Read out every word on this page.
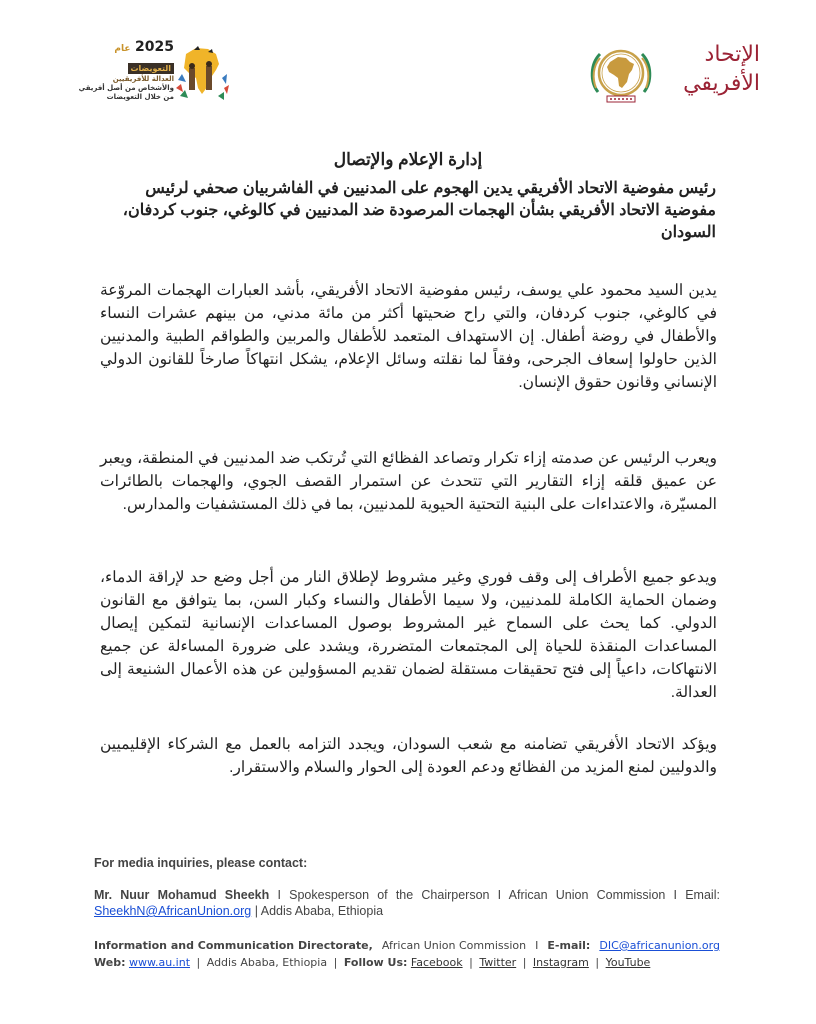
2025 عام
التعويضات
العدالة للأفريقيين
والأشخاص من أصل أفريقي
من خلال التعويضات
الإتحاد
الأفريقي
إدارة الإعلام والإتصال
رئيس مفوضية الاتحاد الأفريقي يدين الهجوم على المدنيين في الفاشربيان صحفي لرئيس مفوضية الاتحاد الأفريقي بشأن الهجمات المرصودة ضد المدنيين في كالوغي، جنوب كردفان، السودان

يدين السيد محمود علي يوسف، رئيس مفوضية الاتحاد الأفريقي، بأشد العبارات الهجمات المروّعة في كالوغي، جنوب كردفان، والتي راح ضحيتها أكثر من مائة مدني، من بينهم عشرات النساء والأطفال في روضة أطفال. إن الاستهداف المتعمد للأطفال والمربين والطواقم الطبية والمدنيين الذين حاولوا إسعاف الجرحى، وفقاً لما نقلته وسائل الإعلام، يشكل انتهاكاً صارخاً للقانون الدولي الإنساني وقانون حقوق الإنسان.

ويعرب الرئيس عن صدمته إزاء تكرار وتصاعد الفظائع التي تُرتكب ضد المدنيين في المنطقة، ويعبر عن عميق قلقه إزاء التقارير التي تتحدث عن استمرار القصف الجوي، والهجمات بالطائرات المسيّرة، والاعتداءات على البنية التحتية الحيوية للمدنيين، بما في ذلك المستشفيات والمدارس.

ويدعو جميع الأطراف إلى وقف فوري وغير مشروط لإطلاق النار من أجل وضع حد لإراقة الدماء، وضمان الحماية الكاملة للمدنيين، ولا سيما الأطفال والنساء وكبار السن، بما يتوافق مع القانون الدولي. كما يحث على السماح غير المشروط بوصول المساعدات الإنسانية لتمكين إيصال المساعدات المنقذة للحياة إلى المجتمعات المتضررة، ويشدد على ضرورة المساءلة عن جميع الانتهاكات، داعياً إلى فتح تحقيقات مستقلة لضمان تقديم المسؤولين عن هذه الأعمال الشنيعة إلى العدالة.

ويؤكد الاتحاد الأفريقي تضامنه مع شعب السودان، ويجدد التزامه بالعمل مع الشركاء الإقليميين والدوليين لمنع المزيد من الفظائع ودعم العودة إلى الحوار والسلام والاستقرار.

For media inquiries, please contact:
Mr. Nuur Mohamud Sheekh I Spokesperson of the Chairperson I African Union Commission I Email: SheekhN@AfricanUnion.org | Addis Ababa, Ethiopia
Information and Communication Directorate, African Union Commission I E-mail: DIC@africanunion.org
Web: www.au.int | Addis Ababa, Ethiopia | Follow Us: Facebook | Twitter | Instagram | YouTube
